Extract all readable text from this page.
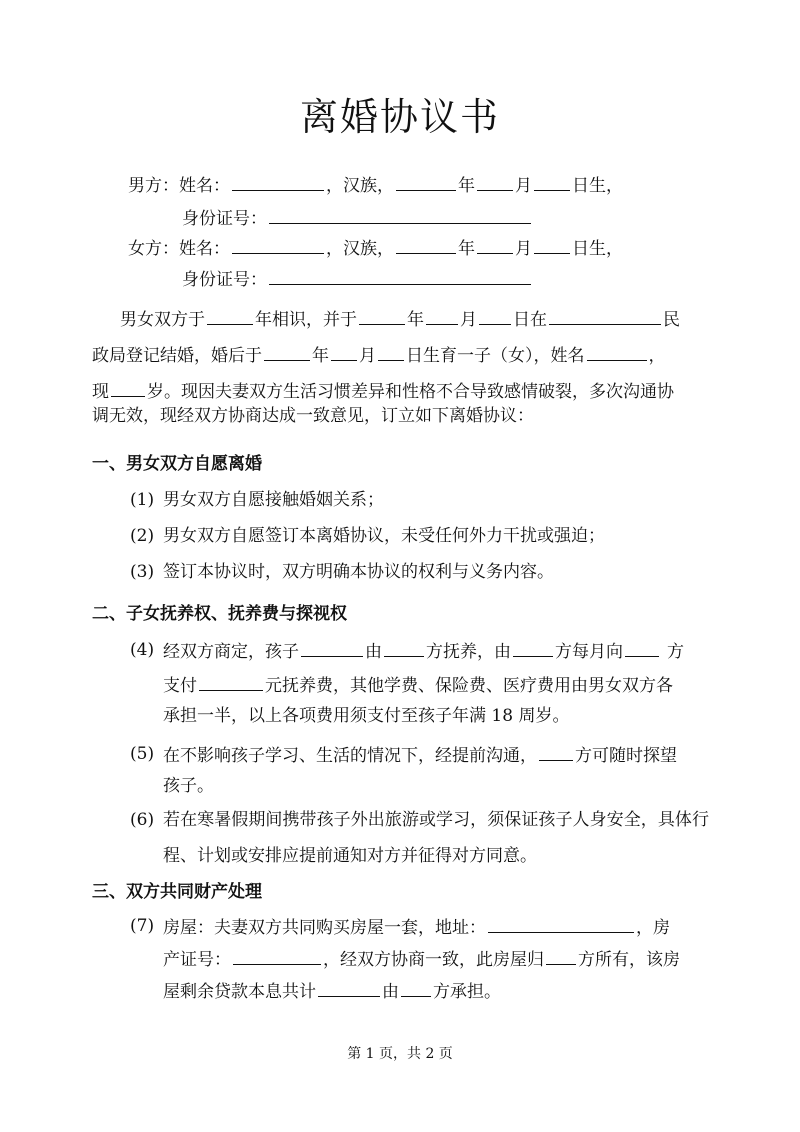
离婚协议书
男方：姓名：	，汉族，	年 月 日生，
身份证号：
女方：姓名：	，汉族，	年 月 日生，
身份证号：
男女双方于	年相识，并于	年 月 日在	民
政局登记结婚，婚后于	年 月 日生育一子（女），姓名	，
现 岁。现因夫妻双方生活习惯差异和性格不合导致感情破裂，多次沟通协
调无效，现经双方协商达成一致意见，订立如下离婚协议：
一、男女双方自愿离婚
(1) 男女双方自愿接触婚姻关系；
(2) 男女双方自愿签订本离婚协议，未受任何外力干扰或强迫；
(3) 签订本协议时，双方明确本协议的权利与义务内容。
二、子女抚养权、抚养费与探视权
(4) 经双方商定，孩子	由	方抚养，由	方每月向	方
支付	元抚养费，其他学费、保险费、医疗费用由男女双方各
承担一半，以上各项费用须支付至孩子年满 18 周岁。
(5) 在不影响孩子学习、生活的情况下，经提前沟通， 方可随时探望
孩子。
(6) 若在寒暑假期间携带孩子外出旅游或学习，须保证孩子人身安全，具体行程、计划或安排应提前通知对方并征得对方同意。
三、双方共同财产处理
(7) 房屋：夫妻双方共同购买房屋一套，地址：	，房
产证号：	，经双方协商一致，此房屋归 方所有，该房
屋剩余贷款本息共计	由 方承担。
第 1 页，共 2 页
